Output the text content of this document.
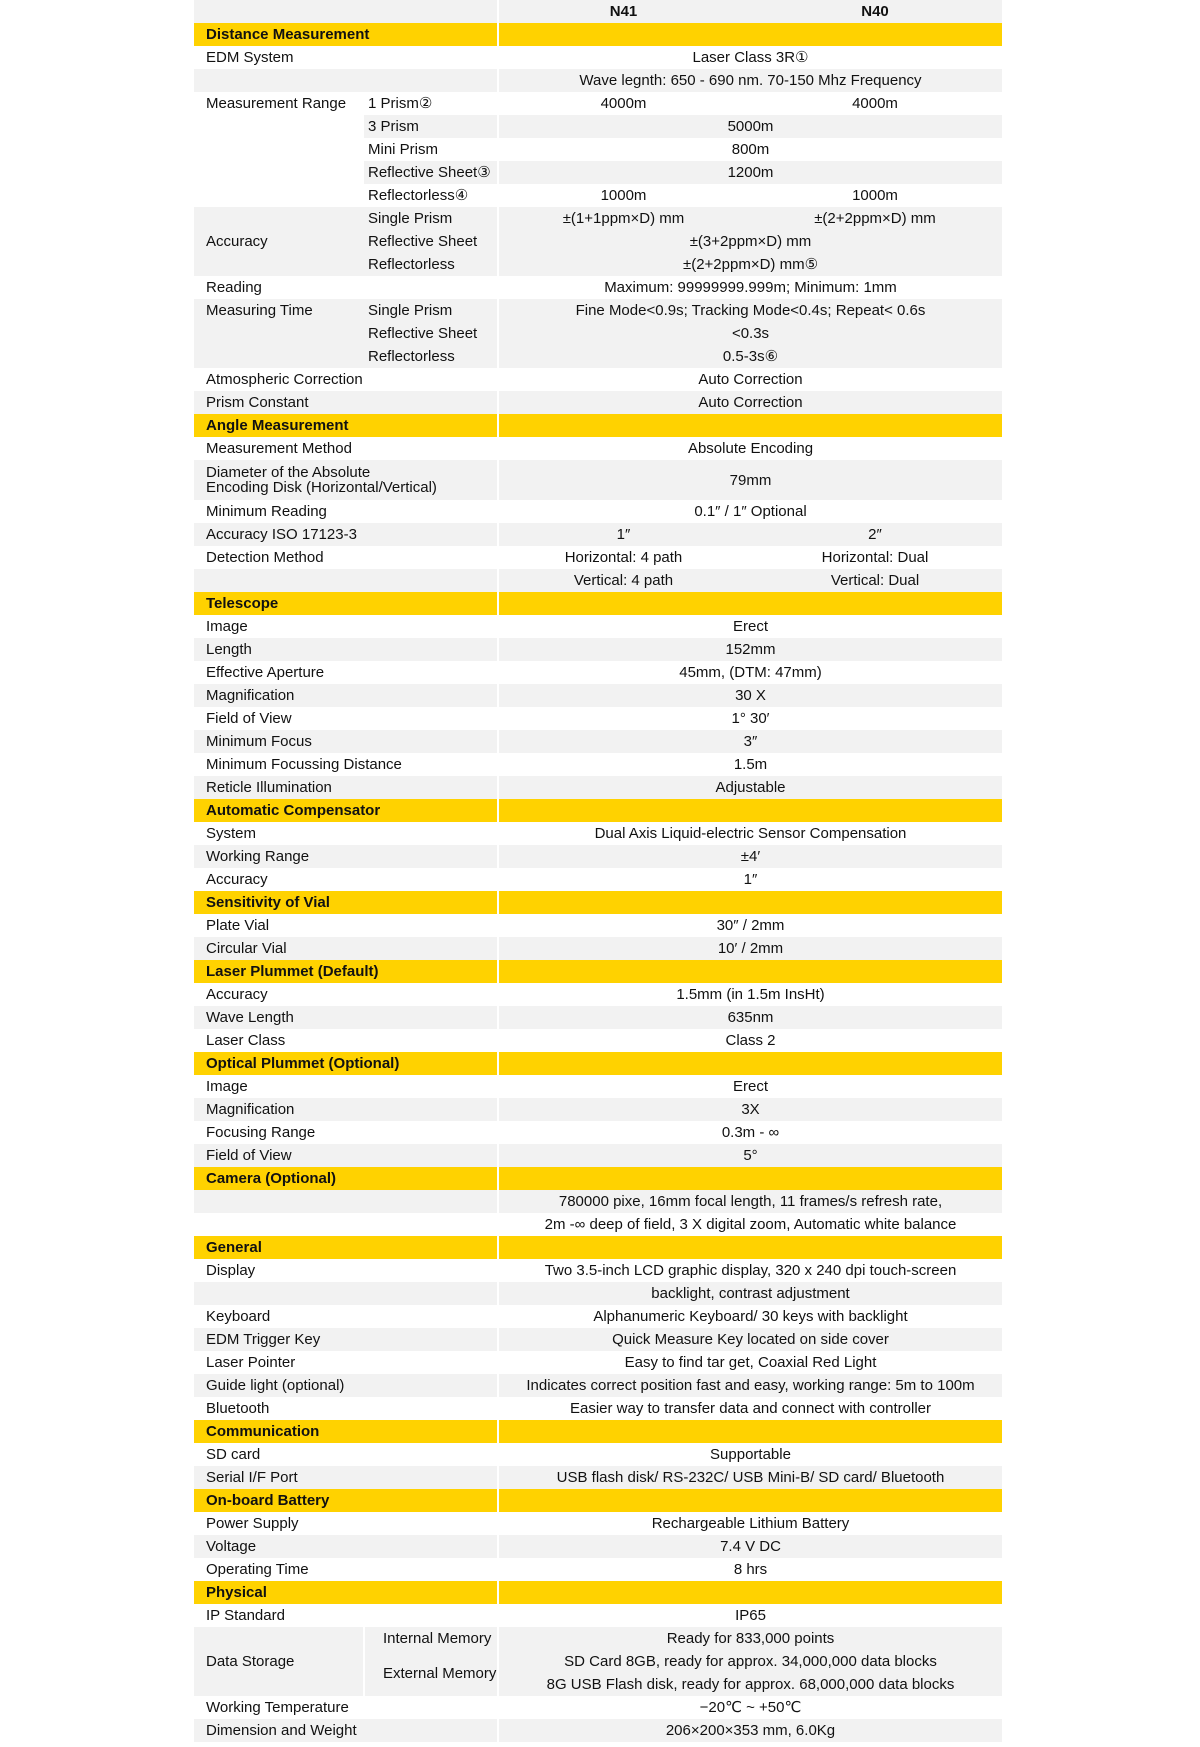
		N41	N40
Distance Measurement			
EDM System		Laser Class 3R①	
		Wave legnth: 650 - 690 nm. 70-150 Mhz Frequency	
Measurement Range	1 Prism②	4000m	4000m
	3 Prism	5000m	
	Mini Prism	800m	
	Reflective Sheet③	1200m	
	Reflectorless④	1000m	1000m
Accuracy	Single Prism	±(1+1ppm×D) mm	±(2+2ppm×D) mm
	Reflective Sheet	±(3+2ppm×D) mm	
	Reflectorless	±(2+2ppm×D) mm⑤	
Reading		Maximum: 99999999.999m; Minimum: 1mm	
Measuring Time	Single Prism	Fine Mode<0.9s; Tracking Mode<0.4s; Repeat< 0.6s	
	Reflective Sheet	<0.3s	
	Reflectorless	0.5-3s⑥	
Atmospheric Correction		Auto Correction	
Prism Constant		Auto Correction	
Angle Measurement			
Measurement Method		Absolute Encoding	

Diameter of the Absolute
Encoding Disk (Horizontal/Vertical)		79mm	
Minimum Reading		0.1″ / 1″ Optional	
Accuracy ISO 17123-3		1″	2″
Detection Method		Horizontal: 4 path	Horizontal: Dual
		Vertical: 4 path	Vertical: Dual
Telescope			
Image		Erect	
Length		152mm	
Effective Aperture		45mm, (DTM: 47mm)	
Magnification		30 X	
Field of View		1° 30′	
Minimum Focus		3″	
Minimum Focussing Distance		1.5m	
Reticle Illumination		Adjustable	
Automatic Compensator			
System		Dual Axis Liquid-electric Sensor Compensation	
Working Range		±4′	
Accuracy		1″	
Sensitivity of Vial			
Plate Vial		30″ / 2mm	
Circular Vial		10′ / 2mm	
Laser Plummet (Default)			
Accuracy		1.5mm (in 1.5m InsHt)	
Wave Length		635nm	
Laser Class		Class 2	
Optical Plummet (Optional)			
Image		Erect	
Magnification		3X	
Focusing Range		0.3m - ∞	
Field of View		5°	
Camera (Optional)			
		780000 pixe, 16mm focal length, 11 frames/s refresh rate,	
		2m -∞ deep of field, 3 X digital zoom, Automatic white balance	
General			
Display		Two 3.5-inch LCD graphic display, 320 x 240 dpi touch-screen	
		backlight, contrast adjustment	
Keyboard		Alphanumeric Keyboard/ 30 keys with backlight	
EDM Trigger Key		Quick Measure Key located on side cover	
Laser Pointer		Easy to find tar get, Coaxial Red Light	
Guide light (optional)		Indicates correct position fast and easy, working range: 5m to 100m	
Bluetooth		Easier way to transfer data and connect with controller	
Communication			
SD card		Supportable	
Serial I/F Port		USB flash disk/ RS-232C/ USB Mini-B/ SD card/ Bluetooth	
On-board Battery			
Power Supply		Rechargeable Lithium Battery	
Voltage		7.4 V DC	
Operating Time		8 hrs	
Physical			
IP Standard		IP65	
Data Storage	Internal Memory	Ready for 833,000 points	
	External Memory	SD Card 8GB, ready for approx. 34,000,000 data blocks	
		8G USB Flash disk, ready for approx. 68,000,000 data blocks	
Working Temperature		−20℃ ~ +50℃	
Dimension and Weight		206×200×353 mm, 6.0Kg	
